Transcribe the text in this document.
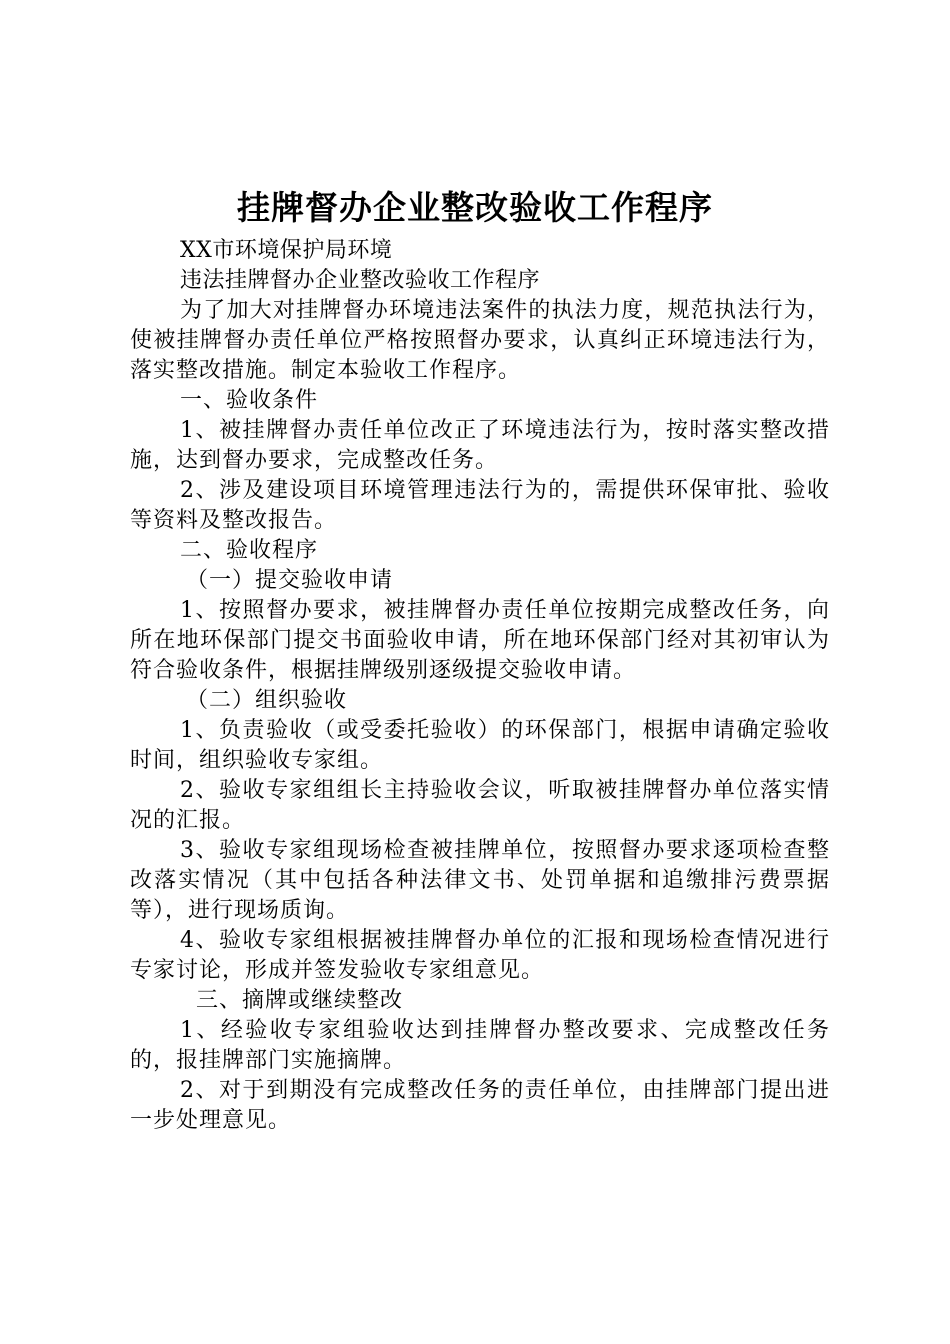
挂牌督办企业整改验收工作程序

XX市环境保护局环境

违法挂牌督办企业整改验收工作程序

为了加大对挂牌督办环境违法案件的执法力度，规范执法行为，使被挂牌督办责任单位严格按照督办要求，认真纠正环境违法行为，落实整改措施。制定本验收工作程序。

一、验收条件

1、被挂牌督办责任单位改正了环境违法行为，按时落实整改措施，达到督办要求，完成整改任务。

2、涉及建设项目环境管理违法行为的，需提供环保审批、验收等资料及整改报告。

二、验收程序

（一）提交验收申请

1、按照督办要求，被挂牌督办责任单位按期完成整改任务，向所在地环保部门提交书面验收申请，所在地环保部门经对其初审认为符合验收条件，根据挂牌级别逐级提交验收申请。

（二）组织验收

1、负责验收（或受委托验收）的环保部门，根据申请确定验收时间，组织验收专家组。

2、验收专家组组长主持验收会议，听取被挂牌督办单位落实情况的汇报。

3、验收专家组现场检查被挂牌单位，按照督办要求逐项检查整改落实情况（其中包括各种法律文书、处罚单据和追缴排污费票据等），进行现场质询。

4、验收专家组根据被挂牌督办单位的汇报和现场检查情况进行专家讨论，形成并签发验收专家组意见。

三、摘牌或继续整改

1、经验收专家组验收达到挂牌督办整改要求、完成整改任务的，报挂牌部门实施摘牌。

2、对于到期没有完成整改任务的责任单位，由挂牌部门提出进一步处理意见。
